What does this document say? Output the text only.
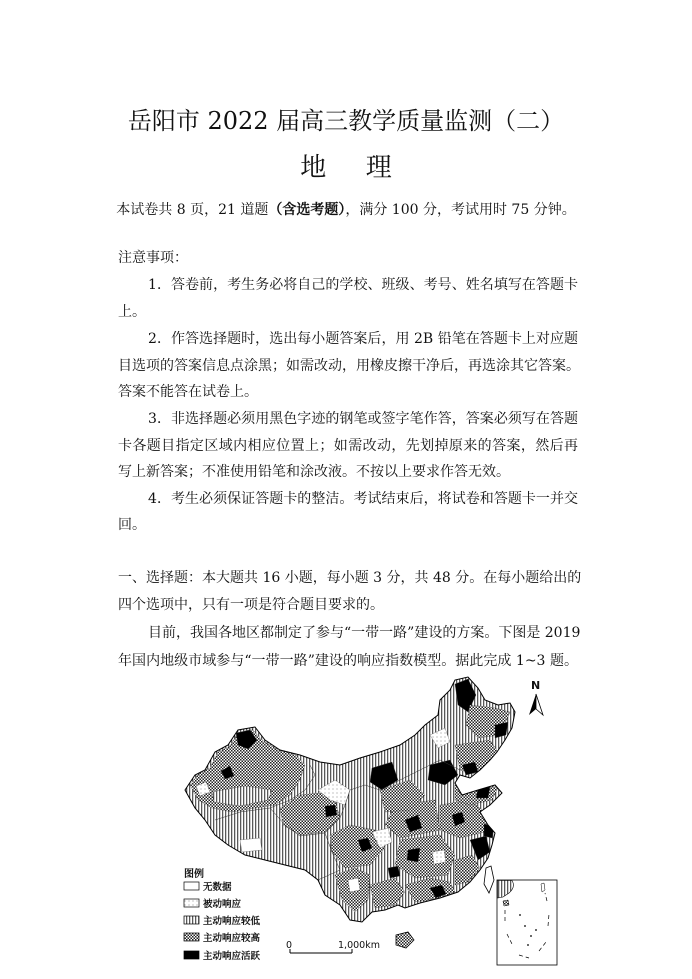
岳阳市 2022 届高三教学质量监测（二）
地 理
本试卷共 8 页，21 道题（含选考题），满分 100 分，考试用时 75 分钟。
注意事项：
1．答卷前，考生务必将自己的学校、班级、考号、姓名填写在答题卡
上。
2．作答选择题时，选出每小题答案后，用 2B 铅笔在答题卡上对应题
目选项的答案信息点涂黑；如需改动，用橡皮擦干净后，再选涂其它答案。
答案不能答在试卷上。
3．非选择题必须用黑色字迹的钢笔或签字笔作答，答案必须写在答题
卡各题目指定区域内相应位置上；如需改动，先划掉原来的答案，然后再
写上新答案；不准使用铅笔和涂改液。不按以上要求作答无效。
4．考生必须保证答题卡的整洁。考试结束后，将试卷和答题卡一并交
回。
一、选择题：本大题共 16 小题，每小题 3 分，共 48 分。在每小题给出的
四个选项中，只有一项是符合题目要求的。
目前，我国各地区都制定了参与“一带一路”建设的方案。下图是 2019
年国内地级市域参与“一带一路”建设的响应指数模型。据此完成 1~3 题。
N
图例
无数据
被动响应
主动响应较低
主动响应较高
主动响应活跃
0	1,000km
